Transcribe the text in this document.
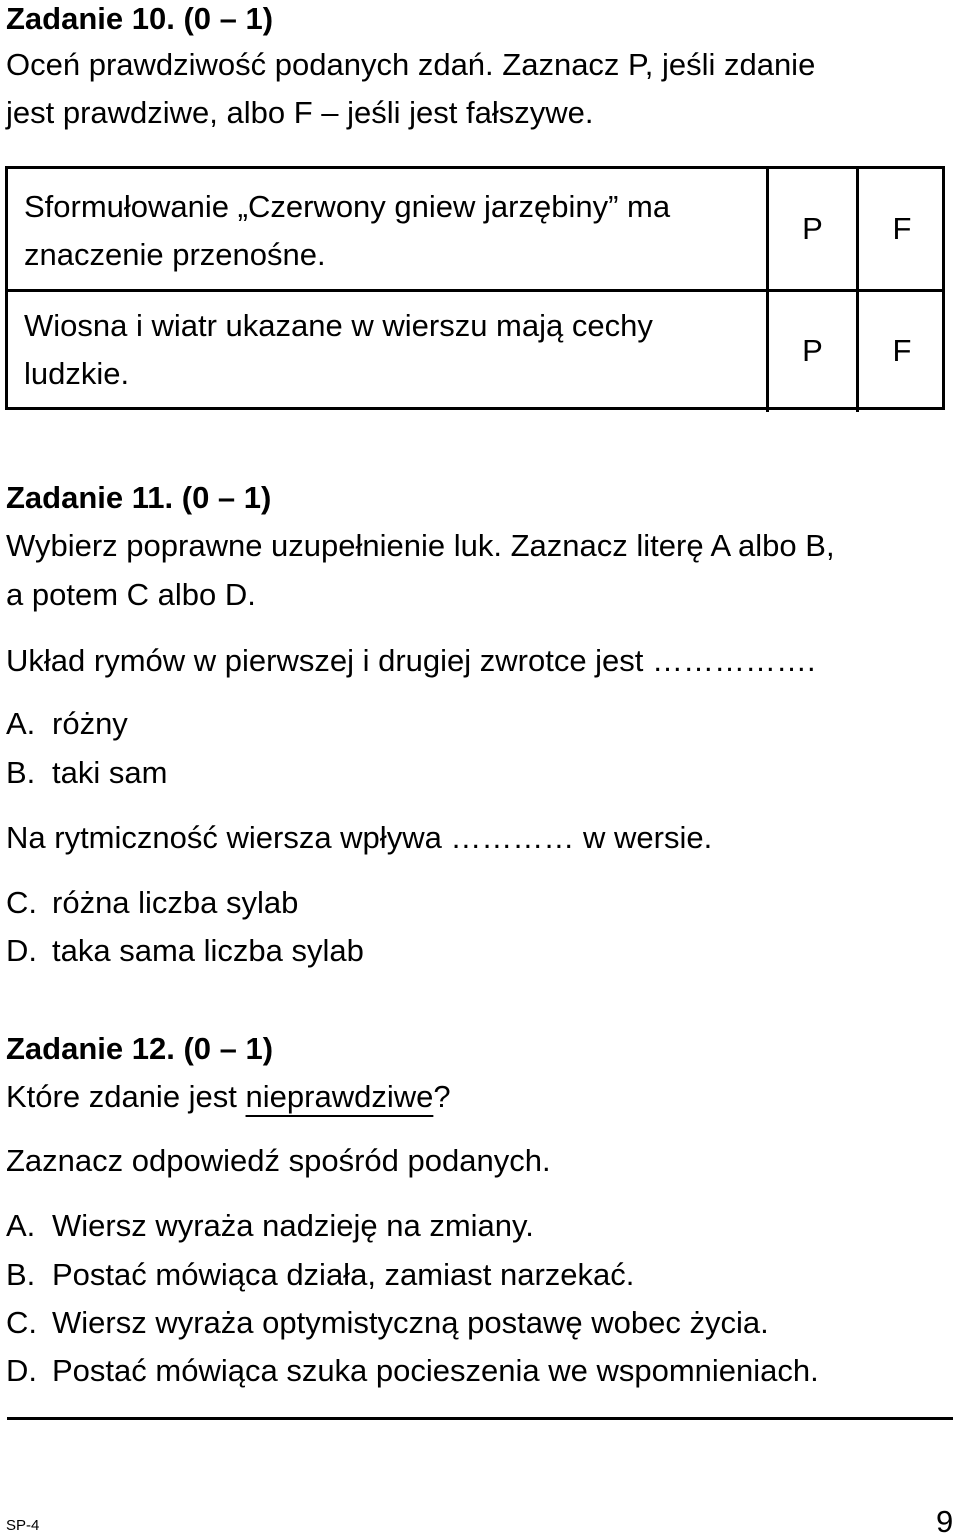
Zadanie 10. (0 – 1)
Oceń prawdziwość podanych zdań. Zaznacz P, jeśli zdanie
jest prawdziwe, albo F – jeśli jest fałszywe.
Sformułowanie „Czerwony gniew jarzębiny” ma znaczenie przenośne.
P	F
Wiosna i wiatr ukazane w wierszu mają cechy ludzkie.
P	F
Zadanie 11. (0 – 1)
Wybierz poprawne uzupełnienie luk. Zaznacz literę A albo B,
a potem C albo D.
Układ rymów w pierwszej i drugiej zwrotce jest …………….
A. różny
B. taki sam
Na rytmiczność wiersza wpływa ………… w wersie.
C. różna liczba sylab
D. taka sama liczba sylab
Zadanie 12. (0 – 1)
Które zdanie jest nieprawdziwe?
Zaznacz odpowiedź spośród podanych.
A. Wiersz wyraża nadzieję na zmiany.
B. Postać mówiąca działa, zamiast narzekać.
C. Wiersz wyraża optymistyczną postawę wobec życia.
D. Postać mówiąca szuka pocieszenia we wspomnieniach.
SP-4	9
